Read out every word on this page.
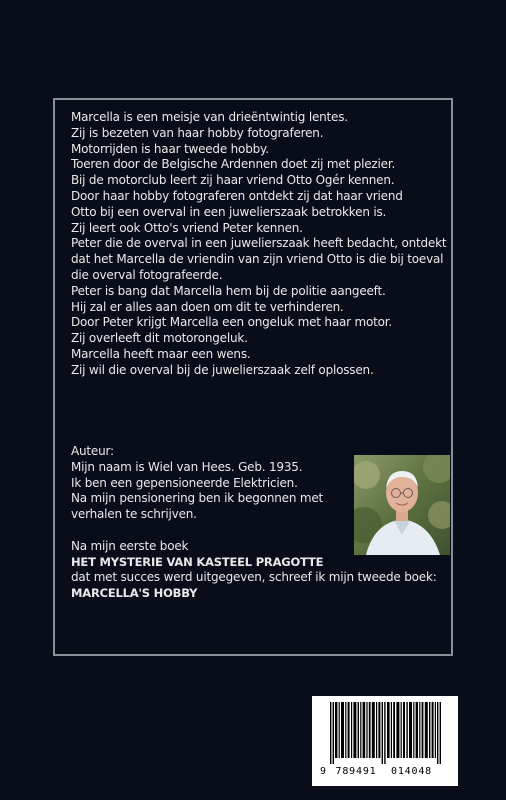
Marcella is een meisje van drieëntwintig lentes.

Zij is bezeten van haar hobby fotograferen.

Motorrijden is haar tweede hobby.

Toeren door de Belgische Ardennen doet zij met plezier.

Bij de motorclub leert zij haar vriend Otto Ogér kennen.

Door haar hobby fotograferen ontdekt zij dat haar vriend

Otto bij een overval in een juwelierszaak betrokken is.

Zij leert ook Otto's vriend Peter kennen.

Peter die de overval in een juwelierszaak heeft bedacht, ontdekt

dat het Marcella de vriendin van zijn vriend Otto is die bij toeval

die overval fotografeerde.

Peter is bang dat Marcella hem bij de politie aangeeft.

Hij zal er alles aan doen om dit te verhinderen.

Door Peter krijgt Marcella een ongeluk met haar motor.

Zij overleeft dit motorongeluk.

Marcella heeft maar een wens.

Zij wil die overval bij de juwelierszaak zelf oplossen.

Auteur:

Mijn naam is Wiel van Hees. Geb. 1935.

Ik ben een gepensioneerde Elektricien.

Na mijn pensionering ben ik begonnen met

verhalen te schrijven.

Na mijn eerste boek

HET MYSTERIE VAN KASTEEL PRAGOTTE

dat met succes werd uitgegeven, schreef ik mijn tweede boek:

MARCELLA'S HOBBY

9 789491	014048
